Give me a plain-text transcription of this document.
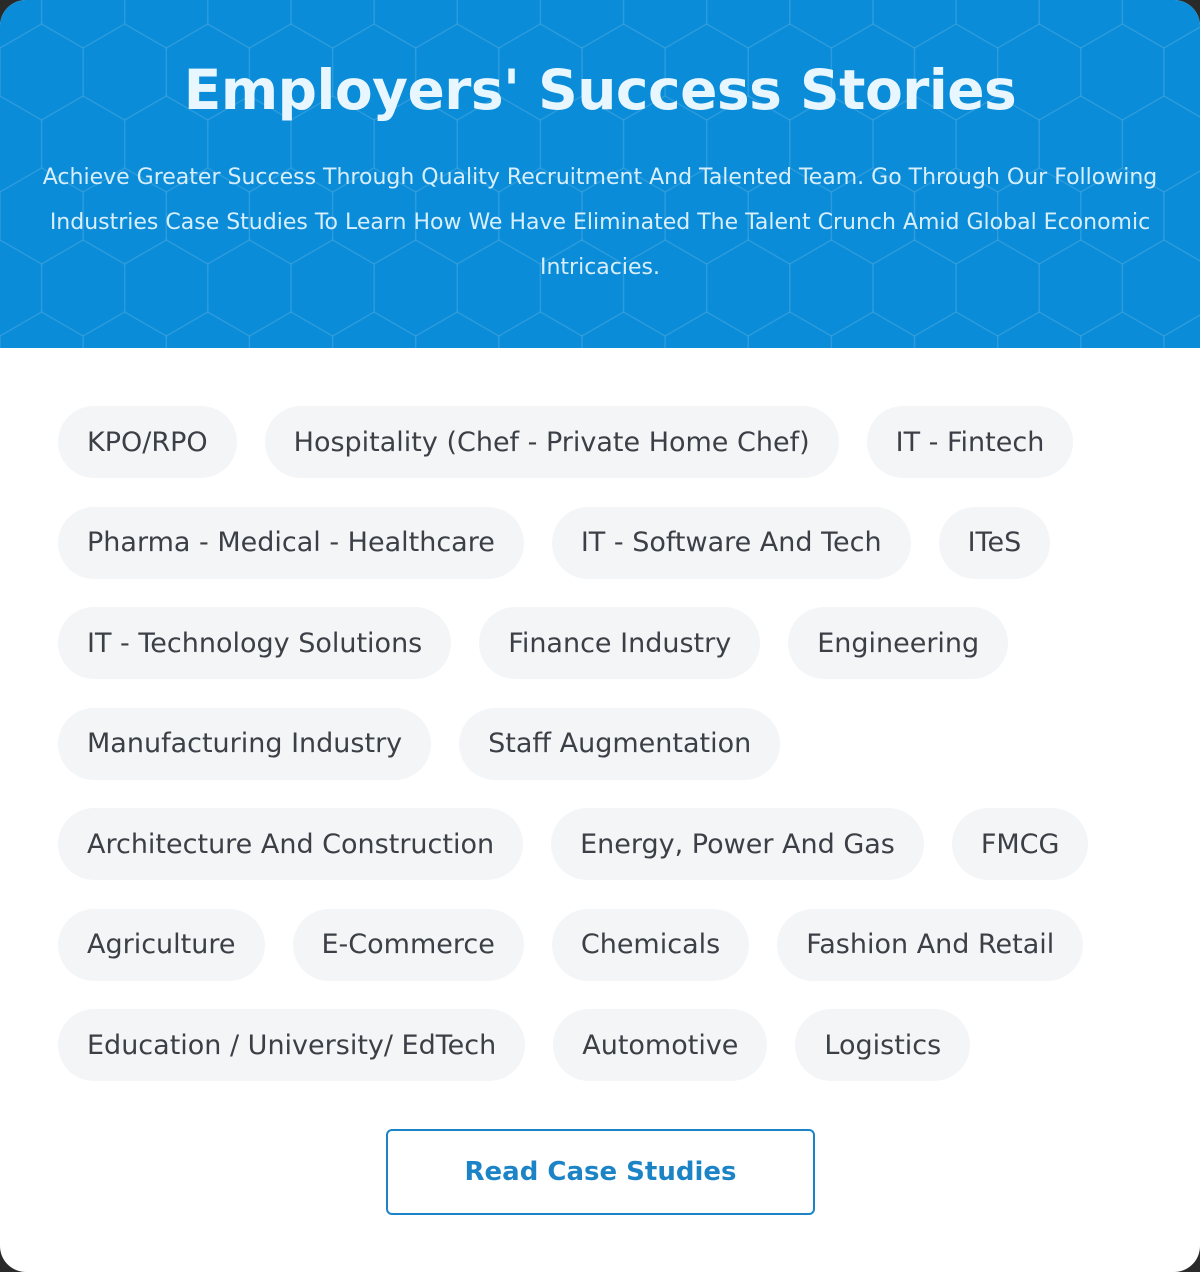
Employers' Success Stories

Achieve Greater Success Through Quality Recruitment And Talented Team. Go Through Our Following Industries Case Studies To Learn How We Have Eliminated The Talent Crunch Amid Global Economic Intricacies.

KPO/RPO	Hospitality (Chef - Private Home Chef)	IT - Fintech
Pharma - Medical - Healthcare	IT - Software And Tech	ITeS
IT - Technology Solutions	Finance Industry	Engineering
Manufacturing Industry	Staff Augmentation
Architecture And Construction	Energy, Power And Gas	FMCG
Agriculture	E-Commerce	Chemicals	Fashion And Retail
Education / University/ EdTech	Automotive	Logistics
Read Case Studies
